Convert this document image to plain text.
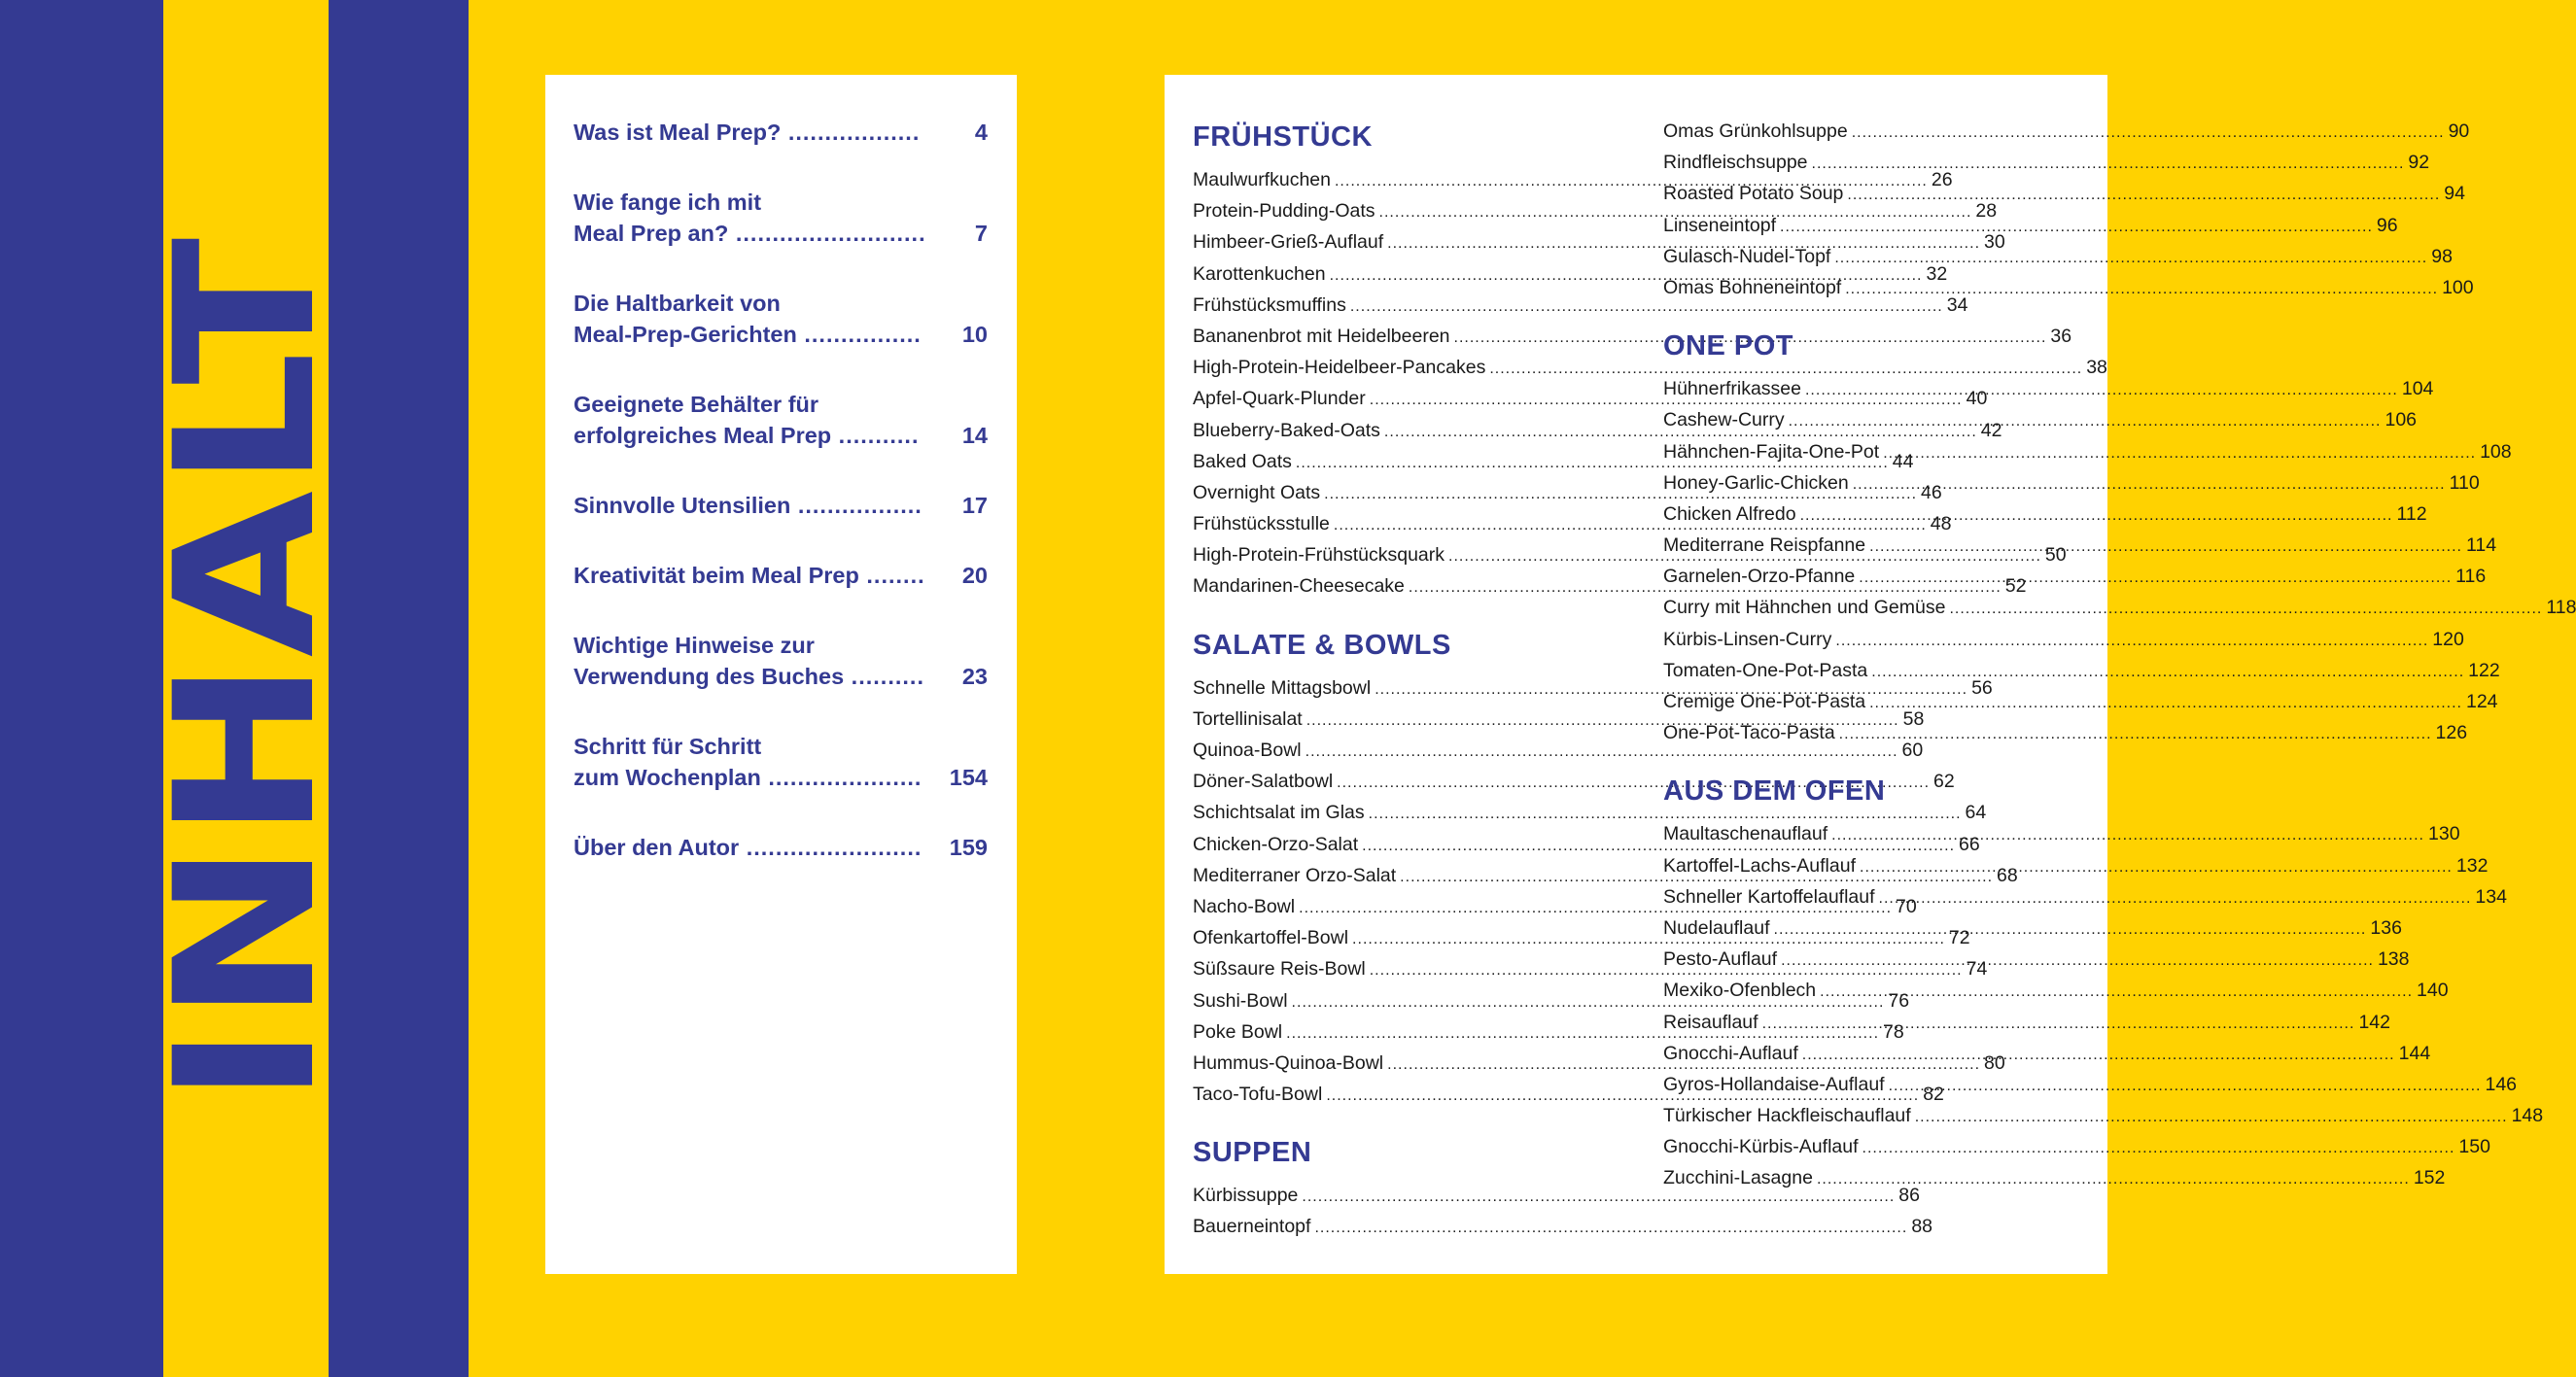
INHALT
Was ist Meal Prep? ..................	4
Wie fange ich mit
Meal Prep an? ..........................	7
Die Haltbarkeit von
Meal-Prep-Gerichten ................	10
Geeignete Behälter für
erfolgreiches Meal Prep ...........	14
Sinnvolle Utensilien .................	17
Kreativität beim Meal Prep ........	20
Wichtige Hinweise zur
Verwendung des Buches ..........	23
Schritt für Schritt
zum Wochenplan .....................	154
Über den Autor ........................	159
FRÜHSTÜCK
Maulwurfkuchen .....	26
Protein-Pudding-Oats .....	28
Himbeer-Grieß-Auflauf .....	30
Karottenkuchen .....	32
Frühstücksmuffins .....	34
Bananenbrot mit Heidelbeeren .....	36
High-Protein-Heidelbeer-Pancakes .....	38
Apfel-Quark-Plunder .....	40
Blueberry-Baked-Oats .....	42
Baked Oats .....	44
Overnight Oats .....	46
Frühstücksstulle .....	48
High-Protein-Frühstücksquark .....	50
Mandarinen-Cheesecake .....	52
SALATE & BOWLS
Schnelle Mittagsbowl .....	56
Tortellinisalat .....	58
Quinoa-Bowl .....	60
Döner-Salatbowl .....	62
Schichtsalat im Glas .....	64
Chicken-Orzo-Salat .....	66
Mediterraner Orzo-Salat .....	68
Nacho-Bowl .....	70
Ofenkartoffel-Bowl .....	72
Süßsaure Reis-Bowl .....	74
Sushi-Bowl .....	76
Poke Bowl .....	78
Hummus-Quinoa-Bowl .....	80
Taco-Tofu-Bowl .....	82
SUPPEN
Kürbissuppe .....	86
Bauerneintopf .....	88
Omas Grünkohlsuppe .....	90
Rindfleischsuppe .....	92
Roasted Potato Soup .....	94
Linseneintopf .....	96
Gulasch-Nudel-Topf .....	98
Omas Bohneneintopf .....	100
ONE POT
Hühnerfrikassee .....	104
Cashew-Curry .....	106
Hähnchen-Fajita-One-Pot .....	108
Honey-Garlic-Chicken .....	110
Chicken Alfredo .....	112
Mediterrane Reispfanne .....	114
Garnelen-Orzo-Pfanne .....	116
Curry mit Hähnchen und Gemüse .....	118
Kürbis-Linsen-Curry .....	120
Tomaten-One-Pot-Pasta .....	122
Cremige One-Pot-Pasta .....	124
One-Pot-Taco-Pasta .....	126
AUS DEM OFEN
Maultaschenauflauf .....	130
Kartoffel-Lachs-Auflauf .....	132
Schneller Kartoffelauflauf .....	134
Nudelauflauf .....	136
Pesto-Auflauf .....	138
Mexiko-Ofenblech .....	140
Reisauflauf .....	142
Gnocchi-Auflauf .....	144
Gyros-Hollandaise-Auflauf .....	146
Türkischer Hackfleischauflauf .....	148
Gnocchi-Kürbis-Auflauf .....	150
Zucchini-Lasagne .....	152
